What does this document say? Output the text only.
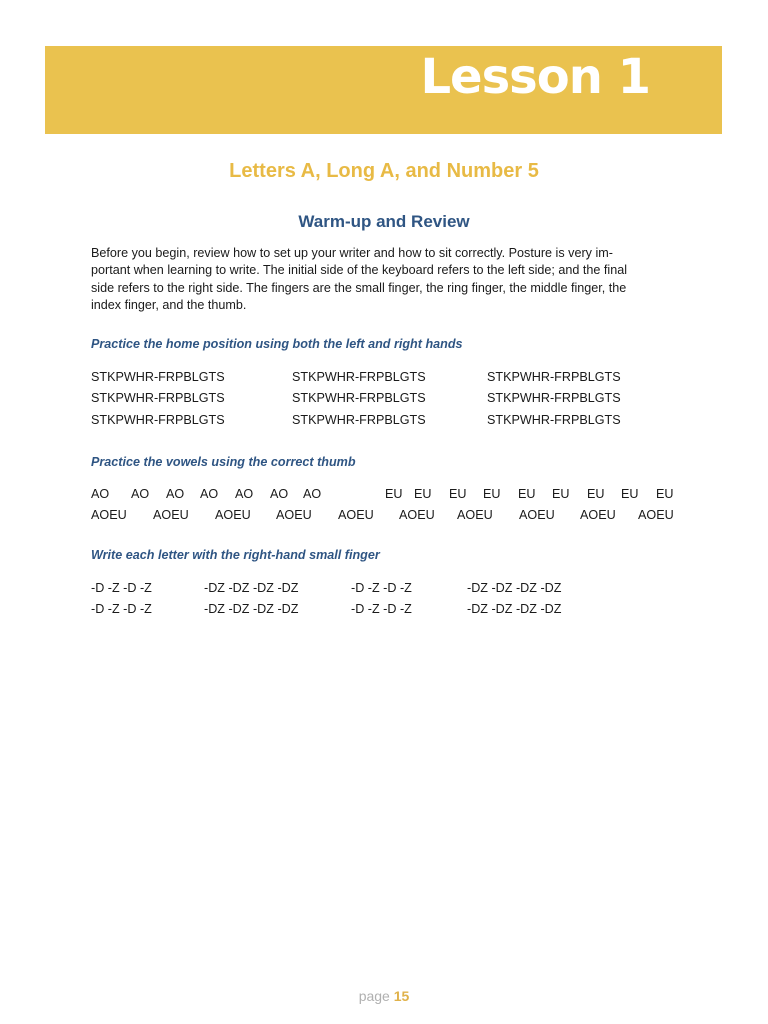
Lesson 1
Letters A, Long A, and Number 5
Warm-up and Review

Before you begin, review how to set up your writer and how to sit correctly. Posture is very im-
portant when learning to write. The initial side of the keyboard refers to the left side; and the final
side refers to the right side. The fingers are the small finger, the ring finger, the middle finger, the
index finger, and the thumb.

Practice the home position using both the left and right hands
STKPWHR-FRPBLGTS	STKPWHR-FRPBLGTS	STKPWHR-FRPBLGTS
STKPWHR-FRPBLGTS	STKPWHR-FRPBLGTS	STKPWHR-FRPBLGTS
STKPWHR-FRPBLGTS	STKPWHR-FRPBLGTS	STKPWHR-FRPBLGTS
Practice the vowels using the correct thumb
AO AO AO AO AO AO AO	EU EU EU EU EU EU EU EU EU
AOEU AOEU AOEU AOEU AOEU AOEU AOEU AOEU AOEU AOEU
Write each letter with the right-hand small finger
-D -Z -D -Z	-DZ -DZ -DZ -DZ	-D -Z -D -Z	-DZ -DZ -DZ -DZ
-D -Z -D -Z	-DZ -DZ -DZ -DZ	-D -Z -D -Z	-DZ -DZ -DZ -DZ
page 15
